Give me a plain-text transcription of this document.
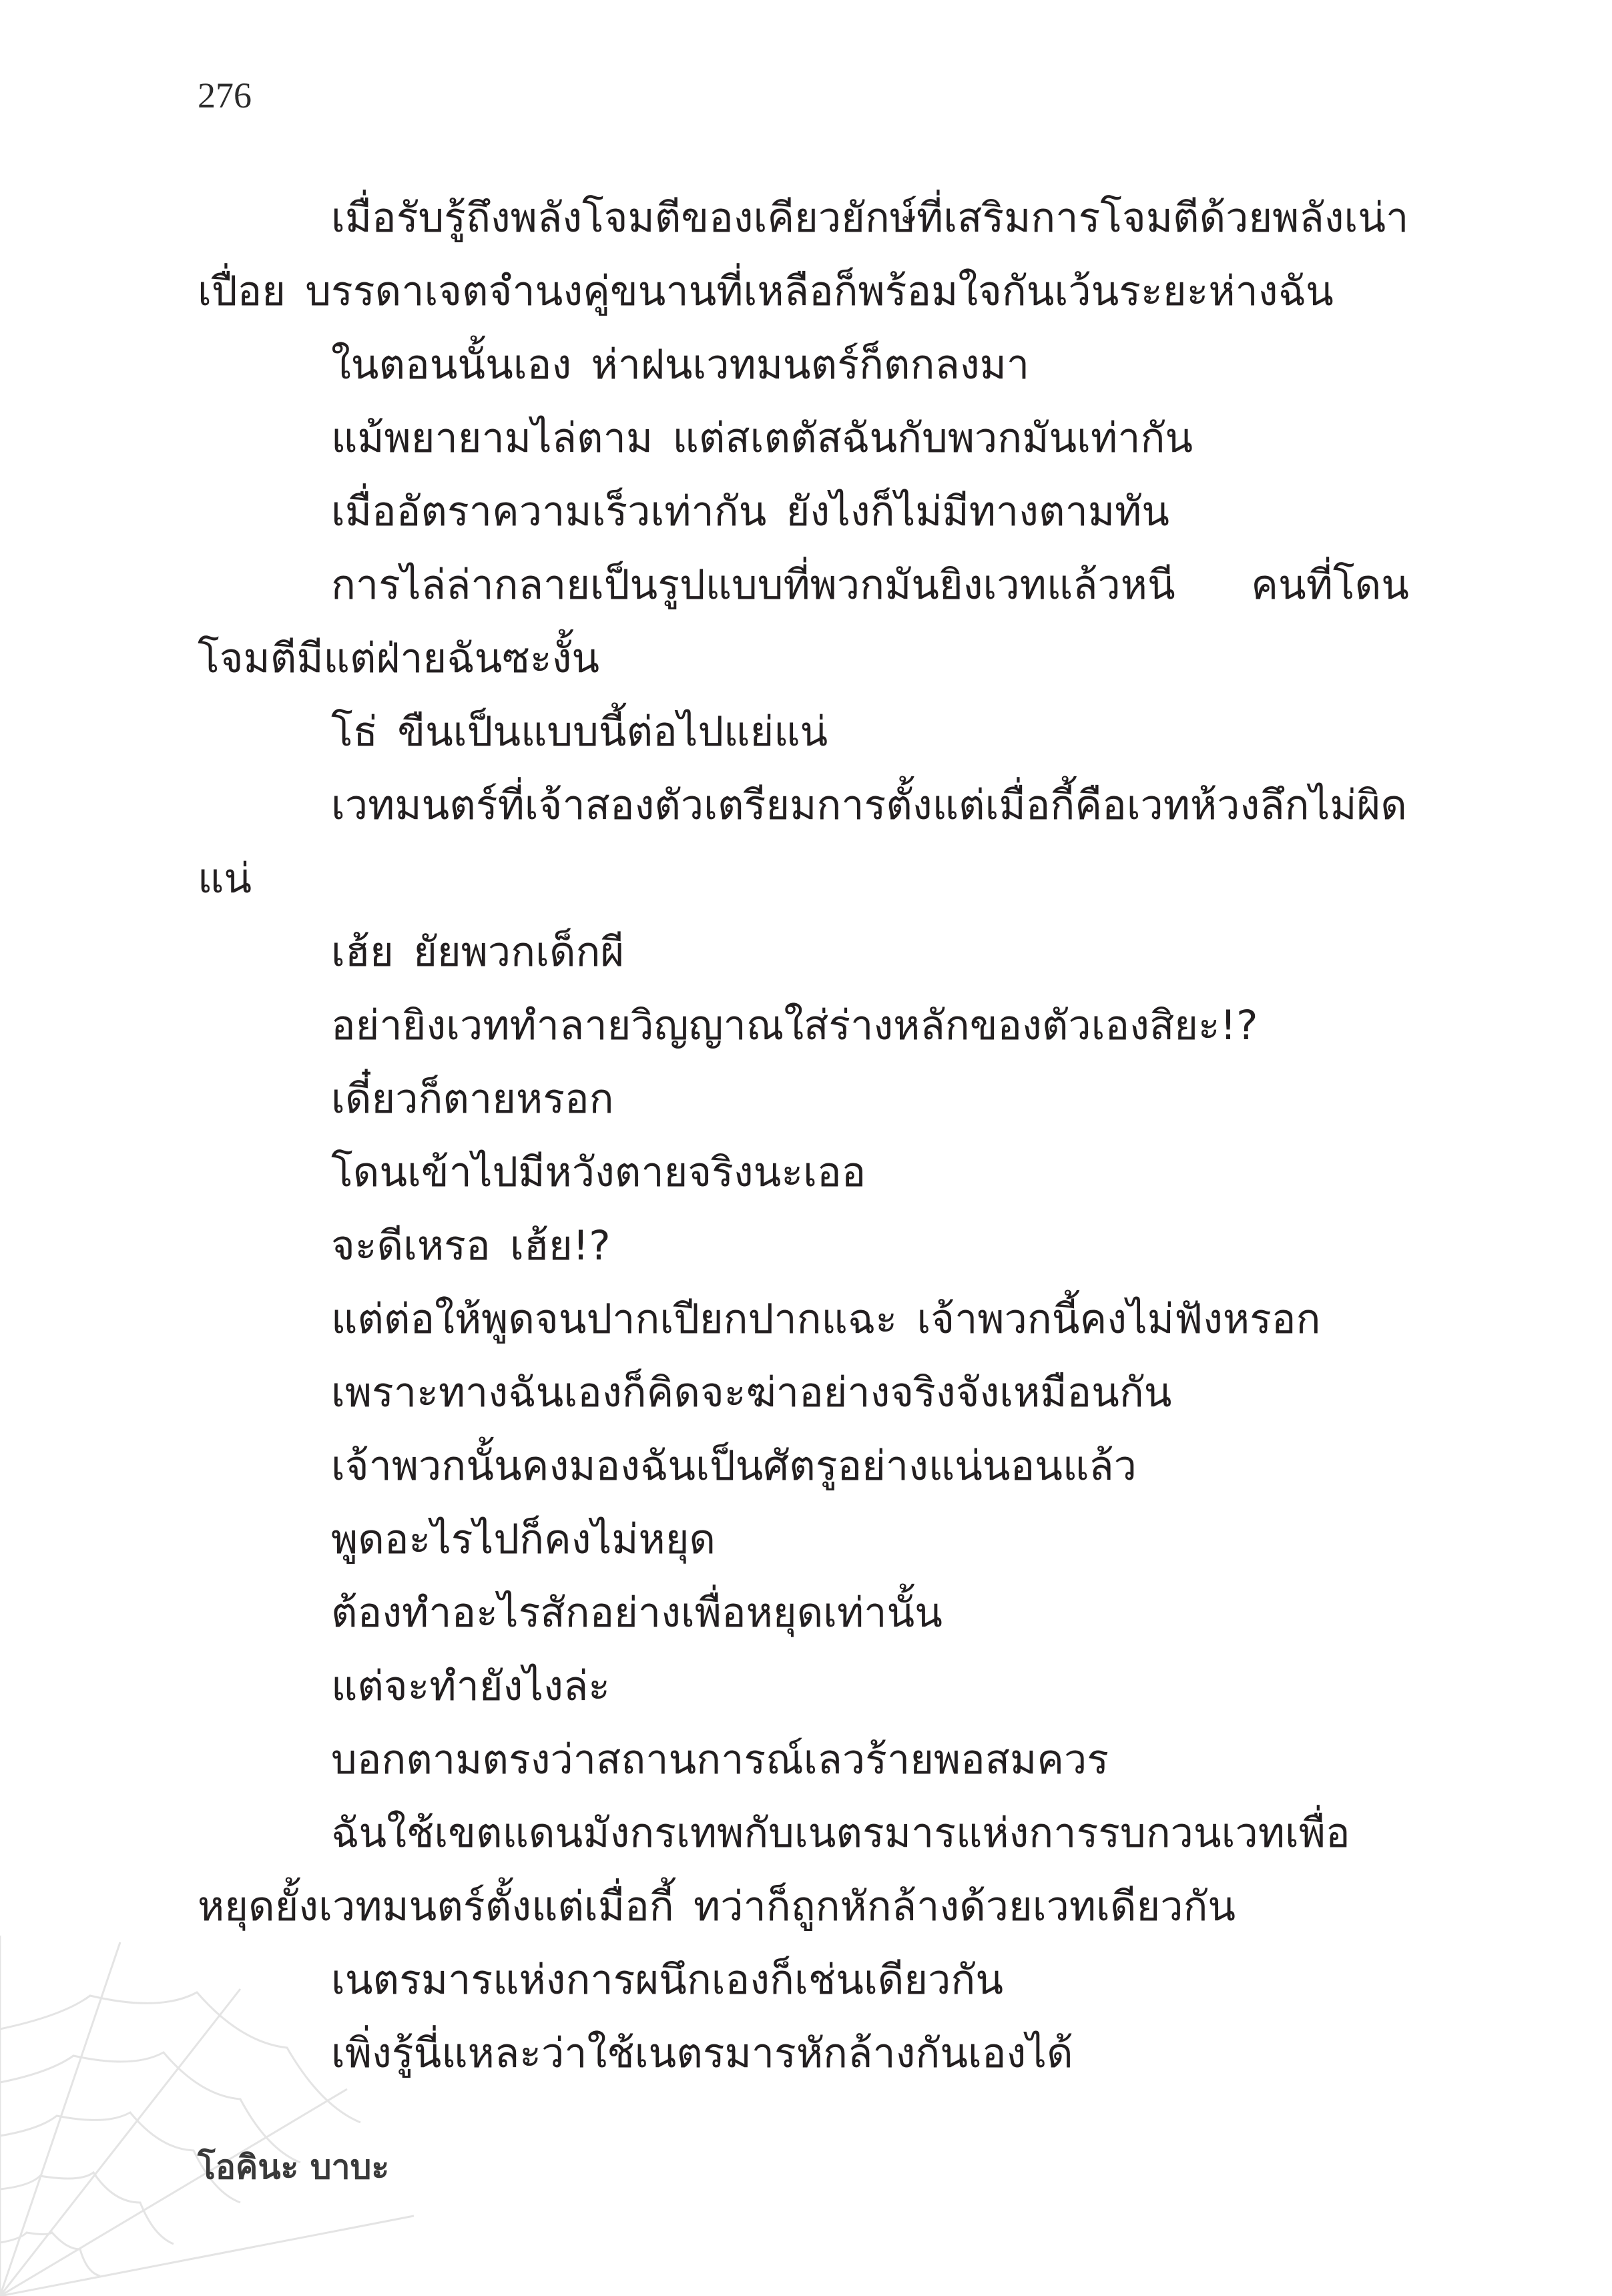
276

เมื่อรับรู้ถึงพลังโจมตีของเคียวยักษ์ที่เสริมการโจมตีด้วยพลังเน่าเปื่อย บรรดาเจตจำนงคู่ขนานที่เหลือก็พร้อมใจกันเว้นระยะห่างฉัน

ในตอนนั้นเอง ห่าฝนเวทมนตร์ก็ตกลงมา

แม้พยายามไล่ตาม แต่สเตตัสฉันกับพวกมันเท่ากัน

เมื่ออัตราความเร็วเท่ากัน ยังไงก็ไม่มีทางตามทัน

การไล่ล่ากลายเป็นรูปแบบที่พวกมันยิงเวทแล้วหนี คนที่โดนโจมตีมีแต่ฝ่ายฉันซะงั้น

โธ่ ขืนเป็นแบบนี้ต่อไปแย่แน่

เวทมนตร์ที่เจ้าสองตัวเตรียมการตั้งแต่เมื่อกี้คือเวทห้วงลึกไม่ผิดแน่

เฮ้ย ยัยพวกเด็กผี

อย่ายิงเวททำลายวิญญาณใส่ร่างหลักของตัวเองสิยะ!?

เดี๋ยวก็ตายหรอก

โดนเข้าไปมีหวังตายจริงนะเออ

จะดีเหรอ เฮ้ย!?

แต่ต่อให้พูดจนปากเปียกปากแฉะ เจ้าพวกนี้คงไม่ฟังหรอก

เพราะทางฉันเองก็คิดจะฆ่าอย่างจริงจังเหมือนกัน

เจ้าพวกนั้นคงมองฉันเป็นศัตรูอย่างแน่นอนแล้ว

พูดอะไรไปก็คงไม่หยุด

ต้องทำอะไรสักอย่างเพื่อหยุดเท่านั้น

แต่จะทำยังไงล่ะ

บอกตามตรงว่าสถานการณ์เลวร้ายพอสมควร

ฉันใช้เขตแดนมังกรเทพกับเนตรมารแห่งการรบกวนเวทเพื่อหยุดยั้งเวทมนตร์ตั้งแต่เมื่อกี้ ทว่าก็ถูกหักล้างด้วยเวทเดียวกัน

เนตรมารแห่งการผนึกเองก็เช่นเดียวกัน

เพิ่งรู้นี่แหละว่าใช้เนตรมารหักล้างกันเองได้

โอคินะ บาบะ
